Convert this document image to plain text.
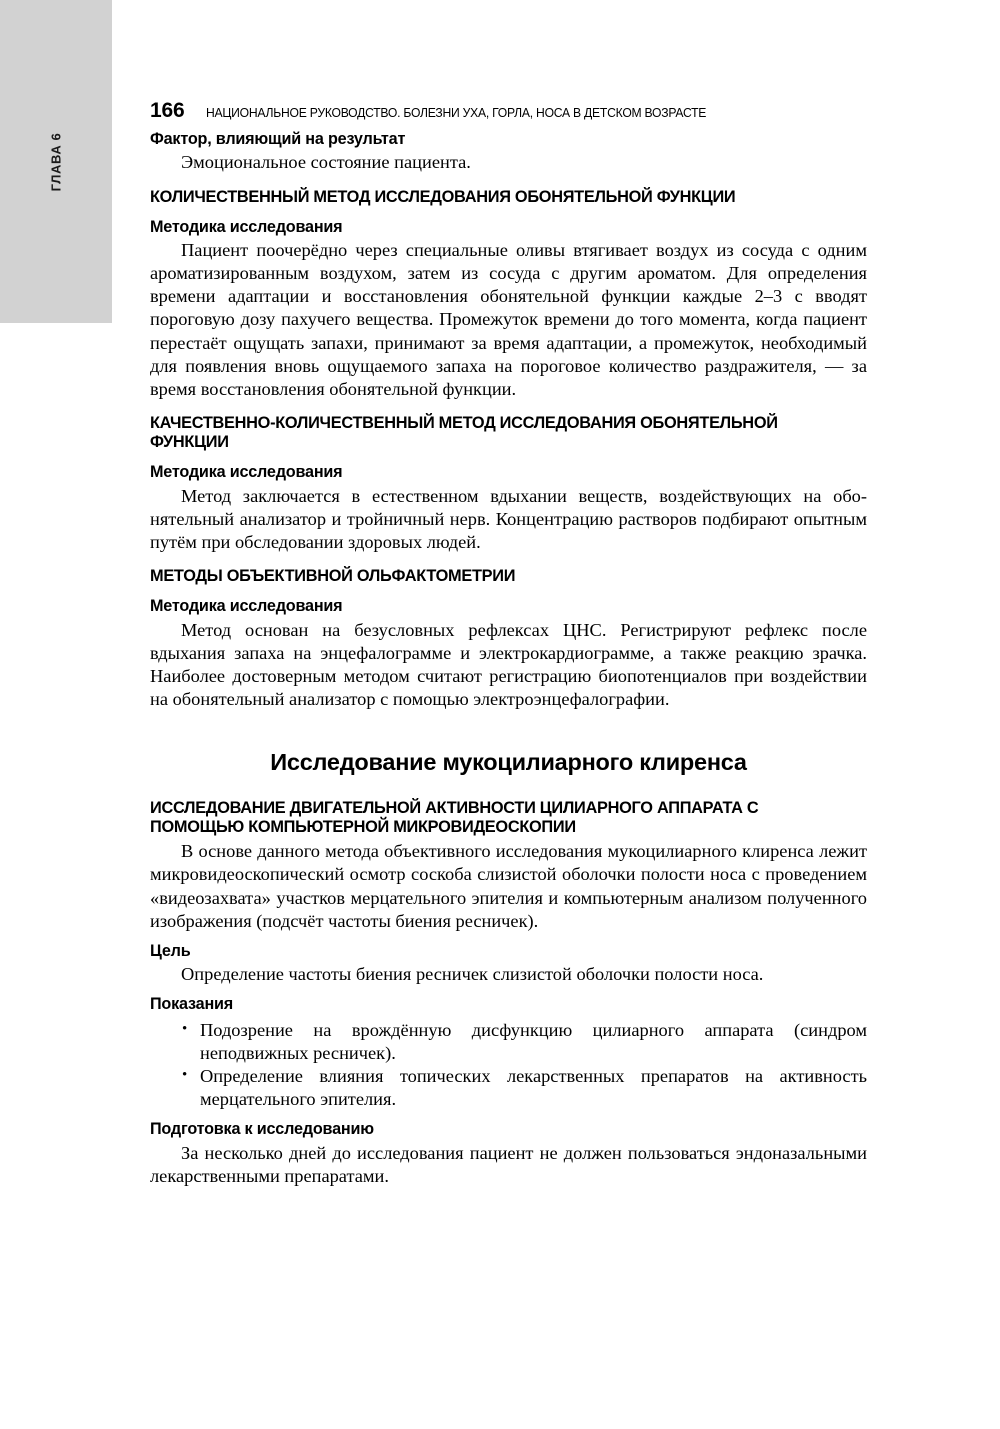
ГЛАВА 6
166 НАЦИОНАЛЬНОЕ РУКОВОДСТВО. БОЛЕЗНИ УХА, ГОРЛА, НОСА В ДЕТСКОМ ВОЗРАСТЕ
Фактор, влияющий на результат

Эмоциональное состояние пациента.

КОЛИЧЕСТВЕННЫЙ МЕТОД ИССЛЕДОВАНИЯ ОБОНЯТЕЛЬНОЙ ФУНКЦИИ
Методика исследования

Пациент поочерёдно через специальные оливы втягивает воздух из сосуда с одним ароматизированным воздухом, затем из сосуда с другим ароматом. Для определения времени адаптации и восстановления обонятельной функции каждые 2–3 с вводят пороговую дозу пахучего вещества. Промежуток времени до того момента, когда пациент перестаёт ощущать запахи, принимают за время адаптации, а промежуток, необходимый для появления вновь ощущаемого запаха на пороговое количество раздражителя, — за время восстановления обонятельной функции.

КАЧЕСТВЕННО-КОЛИЧЕСТВЕННЫЙ МЕТОД ИССЛЕДОВАНИЯ ОБОНЯТЕЛЬНОЙ ФУНКЦИИ
Методика исследования

Метод заключается в естественном вдыхании веществ, воздействующих на обонятельный анализатор и тройничный нерв. Концентрацию растворов подбирают опытным путём при обследовании здоровых людей.

МЕТОДЫ ОБЪЕКТИВНОЙ ОЛЬФАКТОМЕТРИИ
Методика исследования

Метод основан на безусловных рефлексах ЦНС. Регистрируют рефлекс после вдыхания запаха на энцефалограмме и электрокардиограмме, а также реакцию зрачка. Наиболее достоверным методом считают регистрацию биопотенциалов при воздействии на обонятельный анализатор с помощью электроэнцефалографии.

Исследование мукоцилиарного клиренса
ИССЛЕДОВАНИЕ ДВИГАТЕЛЬНОЙ АКТИВНОСТИ ЦИЛИАРНОГО АППАРАТА С ПОМОЩЬЮ КОМПЬЮТЕРНОЙ МИКРОВИДЕОСКОПИИ

В основе данного метода объективного исследования мукоцилиарного клиренса лежит микровидеоскопический осмотр соскоба слизистой оболочки полости носа с проведением «видеозахвата» участков мерцательного эпителия и компьютерным анализом полученного изображения (подсчёт частоты биения ресничек).

Цель

Определение частоты биения ресничек слизистой оболочки полости носа.

Показания
• Подозрение на врождённую дисфункцию цилиарного аппарата (синдром неподвижных ресничек).
• Определение влияния топических лекарственных препаратов на активность мерцательного эпителия.
Подготовка к исследованию

За несколько дней до исследования пациент не должен пользоваться эндоназальными лекарственными препаратами.
